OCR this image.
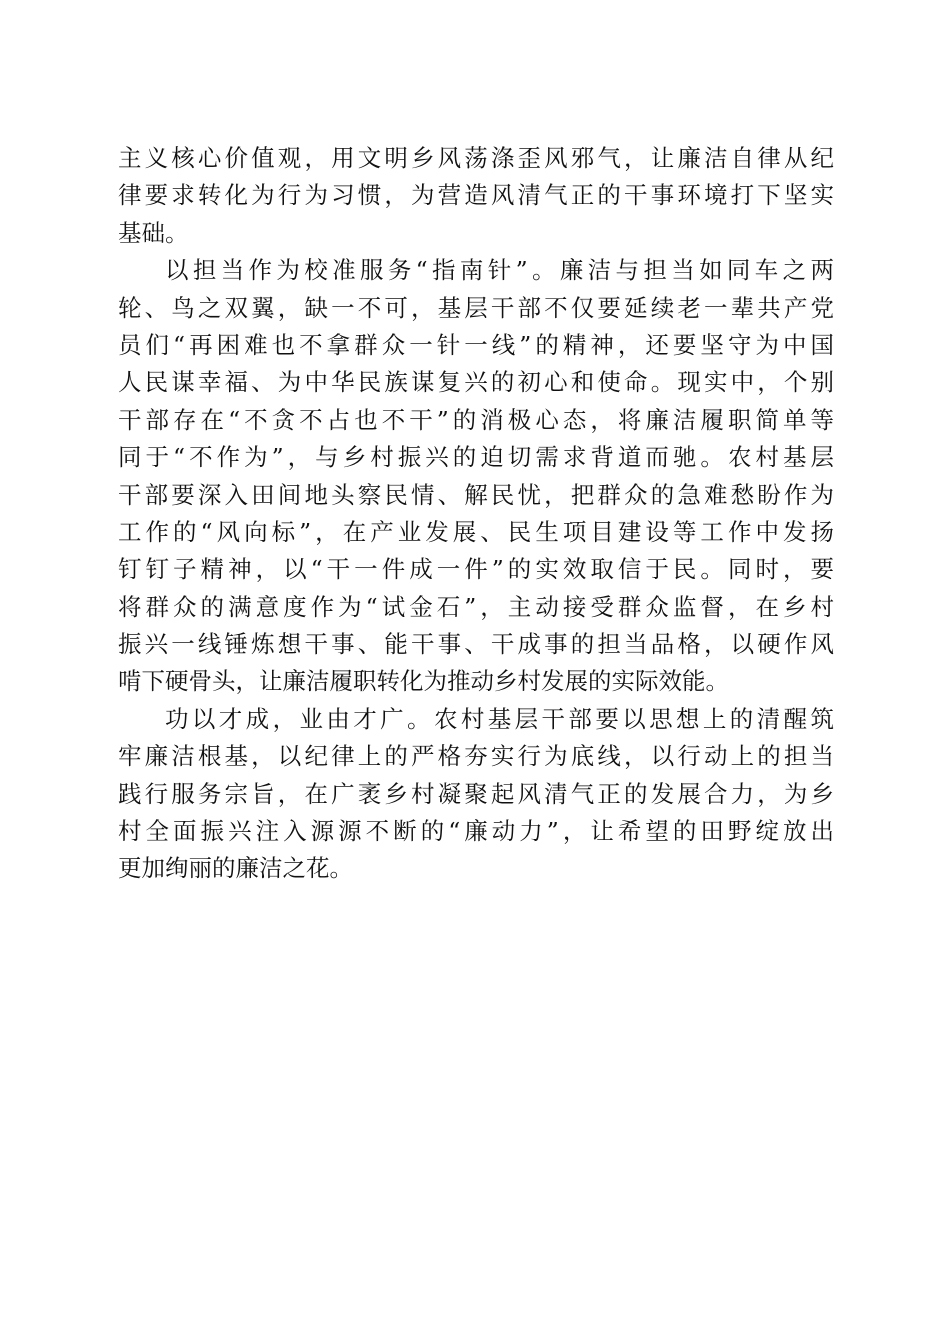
主义核心价值观，用文明乡风荡涤歪风邪气，让廉洁自律从纪
律要求转化为行为习惯，为营造风清气正的干事环境打下坚实
基础。
以担当作为校准服务“指南针”。廉洁与担当如同车之两
轮、鸟之双翼，缺一不可，基层干部不仅要延续老一辈共产党
员们“再困难也不拿群众一针一线”的精神，还要坚守为中国
人民谋幸福、为中华民族谋复兴的初心和使命。现实中，个别
干部存在“不贪不占也不干”的消极心态，将廉洁履职简单等
同于“不作为”，与乡村振兴的迫切需求背道而驰。农村基层
干部要深入田间地头察民情、解民忧，把群众的急难愁盼作为
工作的“风向标”，在产业发展、民生项目建设等工作中发扬
钉钉子精神，以“干一件成一件”的实效取信于民。同时，要
将群众的满意度作为“试金石”，主动接受群众监督，在乡村
振兴一线锤炼想干事、能干事、干成事的担当品格，以硬作风
啃下硬骨头，让廉洁履职转化为推动乡村发展的实际效能。
功以才成，业由才广。农村基层干部要以思想上的清醒筑
牢廉洁根基，以纪律上的严格夯实行为底线，以行动上的担当
践行服务宗旨，在广袤乡村凝聚起风清气正的发展合力，为乡
村全面振兴注入源源不断的“廉动力”，让希望的田野绽放出
更加绚丽的廉洁之花。
